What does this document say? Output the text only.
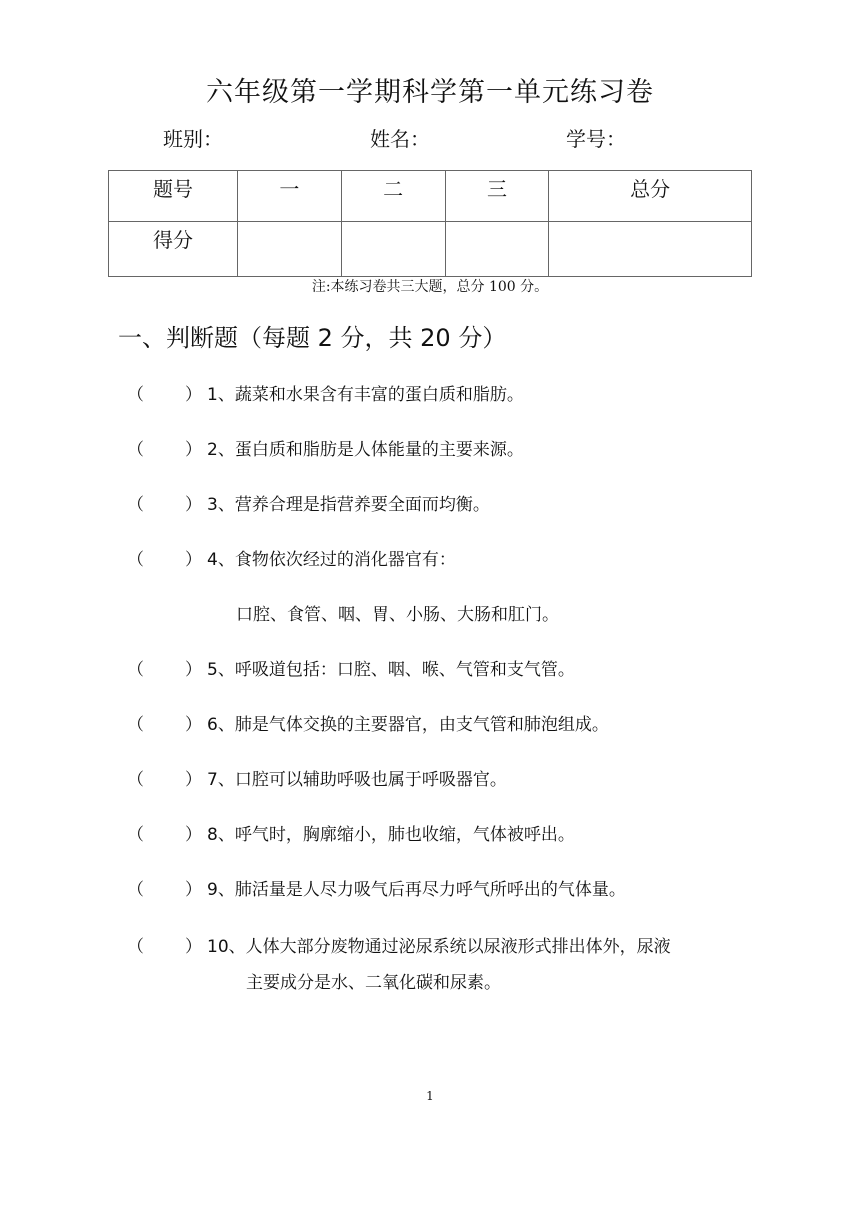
六年级第一学期科学第一单元练习卷
班别：	姓名：	学号：
题号	一	二	三	总分
得分				
注:本练习卷共三大题，总分 100 分。
一、判断题（每题 2 分，共 20 分）
（ ） 1、蔬菜和水果含有丰富的蛋白质和脂肪。
（ ） 2、蛋白质和脂肪是人体能量的主要来源。
（ ） 3、营养合理是指营养要全面而均衡。
（ ） 4、食物依次经过的消化器官有：
（ ） 5、呼吸道包括：口腔、咽、喉、气管和支气管。
（ ） 6、肺是气体交换的主要器官，由支气管和肺泡组成。
（ ） 7、口腔可以辅助呼吸也属于呼吸器官。
（ ） 8、呼气时，胸廓缩小，肺也收缩，气体被呼出。
（ ） 9、肺活量是人尽力吸气后再尽力呼气所呼出的气体量。
（ ） 10、人体大部分废物通过泌尿系统以尿液形式排出体外，尿液
口腔、食管、咽、胃、小肠、大肠和肛门。
主要成分是水、二氧化碳和尿素。
1
